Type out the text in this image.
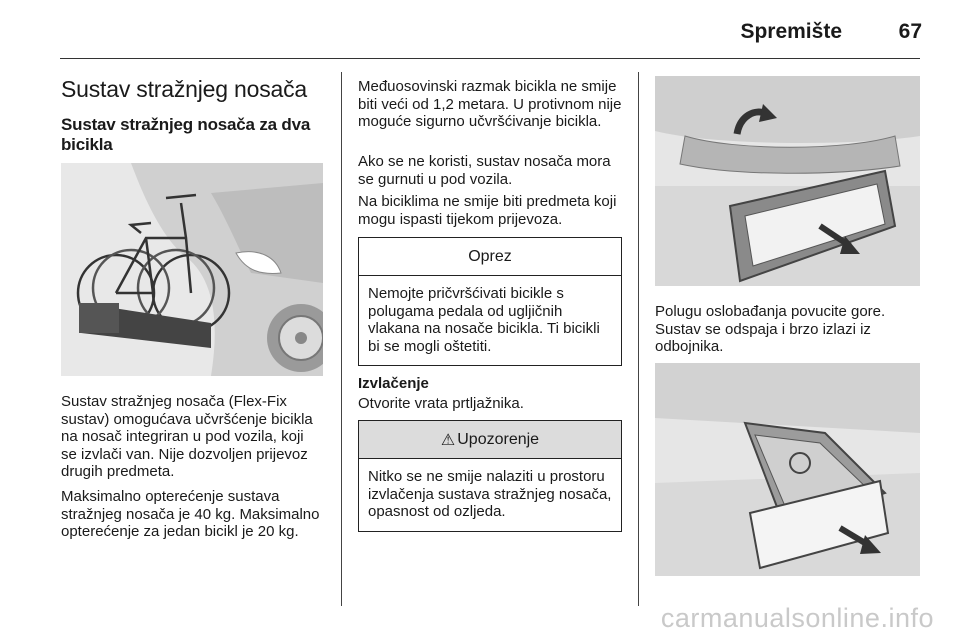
Spremište	67
Sustav stražnjeg nosača
Sustav stražnjeg nosača za dva bicikla
Sustav stražnjeg nosača (Flex-Fix sustav) omogućava učvršćenje bicikla na nosač integriran u pod vozila, koji se izvlači van. Nije dozvoljen prijevoz drugih predmeta.
Maksimalno opterećenje sustava stražnjeg nosača je 40 kg. Maksimalno opterećenje za jedan bicikl je 20 kg.
Međuosovinski razmak bicikla ne smije biti veći od 1,2 metara. U protivnom nije moguće sigurno učvršćivanje bicikla.
Ako se ne koristi, sustav nosača mora se gurnuti u pod vozila.
Na biciklima ne smije biti predmeta koji mogu ispasti tijekom prijevoza.
Oprez
Nemojte pričvršćivati bicikle s polugama pedala od ugljičnih vlakana na nosače bicikla. Ti bicikli bi se mogli oštetiti.
Izvlačenje
Otvorite vrata prtljažnika.
⚠ Upozorenje
Nitko se ne smije nalaziti u prostoru izvlačenja sustava stražnjeg nosača, opasnost od ozljeda.
Polugu oslobađanja povucite gore. Sustav se odspaja i brzo izlazi iz odbojnika.
carmanualsonline.info
